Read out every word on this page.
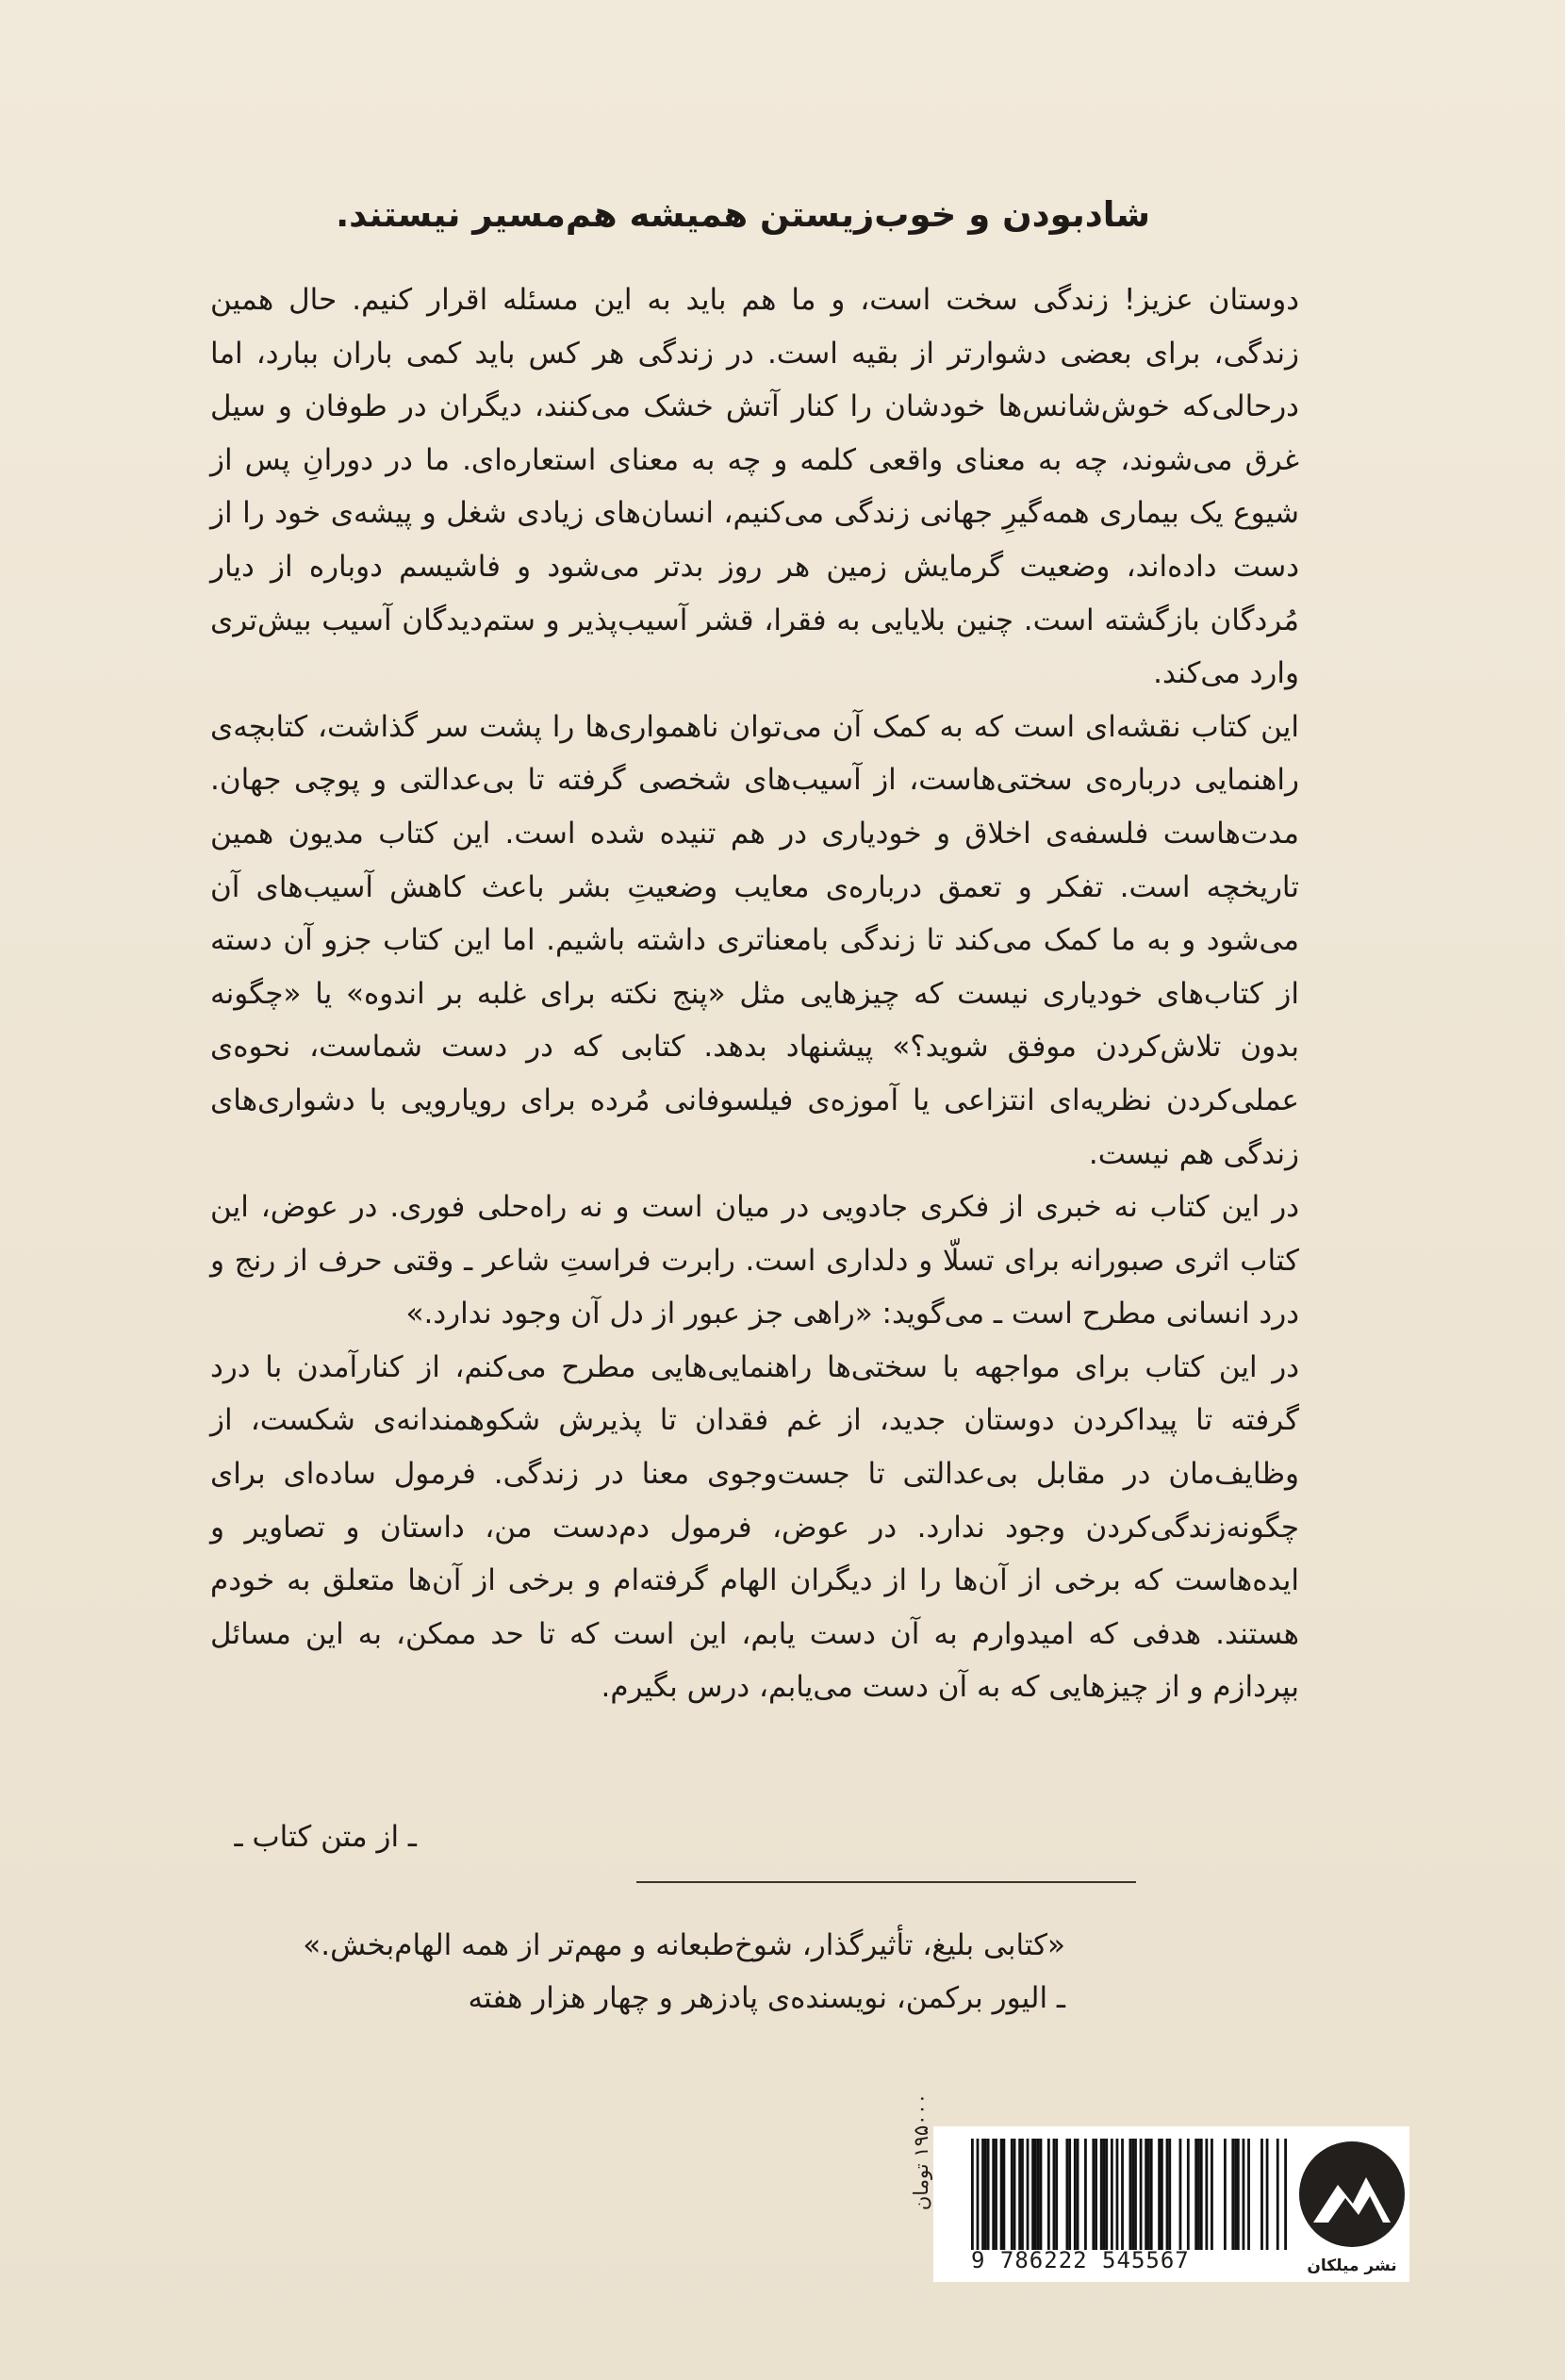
شادبودن و خوب‌زیستن همیشه هم‌مسیر نیستند.

دوستان عزیز! زندگی سخت است، و ما هم باید به این مسئله اقرار کنیم. حال همین زندگی، برای بعضی دشوارتر از بقیه است. در زندگی هر کس باید کمی باران ببارد، اما درحالی‌که خوش‌شانس‌ها خودشان را کنار آتش خشک می‌کنند، دیگران در طوفان و سیل غرق می‌شوند، چه به معنای واقعی کلمه و چه به معنای استعاره‌ای. ما در دورانِ پس از شیوع یک بیماری همه‌گیرِ جهانی زندگی می‌کنیم، انسان‌های زیادی شغل و پیشه‌ی خود را از دست داده‌اند، وضعیت گرمایش زمین هر روز بدتر می‌شود و فاشیسم دوباره از دیار مُردگان بازگشته است. چنین بلایایی به فقرا، قشر آسیب‌پذیر و ستم‌دیدگان آسیب بیش‌تری وارد می‌کند.

این کتاب نقشه‌ای است که به کمک آن می‌توان ناهمواری‌ها را پشت سر گذاشت، کتابچه‌ی راهنمایی درباره‌ی سختی‌هاست، از آسیب‌های شخصی گرفته تا بی‌عدالتی و پوچی جهان. مدت‌هاست فلسفه‌ی اخلاق و خودیاری در هم تنیده شده است. این کتاب مدیون همین تاریخچه است. تفکر و تعمق درباره‌ی معایب وضعیتِ بشر باعث کاهش آسیب‌های آن می‌شود و به ما کمک می‌کند تا زندگی بامعناتری داشته باشیم. اما این کتاب جزو آن دسته از کتاب‌های خودیاری نیست که چیزهایی مثل «پنج نکته برای غلبه بر اندوه» یا «چگونه بدون تلاش‌کردن موفق شوید؟» پیشنهاد بدهد. کتابی که در دست شماست، نحوه‌ی عملی‌کردن نظریه‌ای انتزاعی یا آموزه‌ی فیلسوفانی مُرده برای رویارویی با دشواری‌های زندگی هم نیست.

در این کتاب نه خبری از فکری جادویی در میان است و نه راه‌حلی فوری. در عوض، این کتاب اثری صبورانه برای تسلّا و دلداری است. رابرت فراستِ شاعر ـ وقتی حرف از رنج و درد انسانی مطرح است ـ می‌گوید: «راهی جز عبور از دل آن وجود ندارد.»

در این کتاب برای مواجهه با سختی‌ها راهنمایی‌هایی مطرح می‌کنم، از کنارآمدن با درد گرفته تا پیداکردن دوستان جدید، از غم فقدان تا پذیرش شکوهمندانه‌ی شکست، از وظایف‌مان در مقابل بی‌عدالتی تا جست‌وجوی معنا در زندگی. فرمول ساده‌ای برای چگونه‌زندگی‌کردن وجود ندارد. در عوض، فرمول دم‌دست من، داستان و تصاویر و ایده‌هاست که برخی از آن‌ها را از دیگران الهام گرفته‌ام و برخی از آن‌ها متعلق به خودم هستند. هدفی که امیدوارم به آن دست یابم، این است که تا حد ممکن، به این مسائل بپردازم و از چیزهایی که به آن دست می‌یابم، درس بگیرم.

ـ از متن کتاب ـ

«کتابی بلیغ، تأثیرگذار، شوخ‌طبعانه و مهم‌تر از همه الهام‌بخش.»

ـ الیور برکمن، نویسنده‌ی پادزهر و چهار هزار هفته

نشر میلکان
9 786222 545567
۱۹۵۰۰۰ تومان
